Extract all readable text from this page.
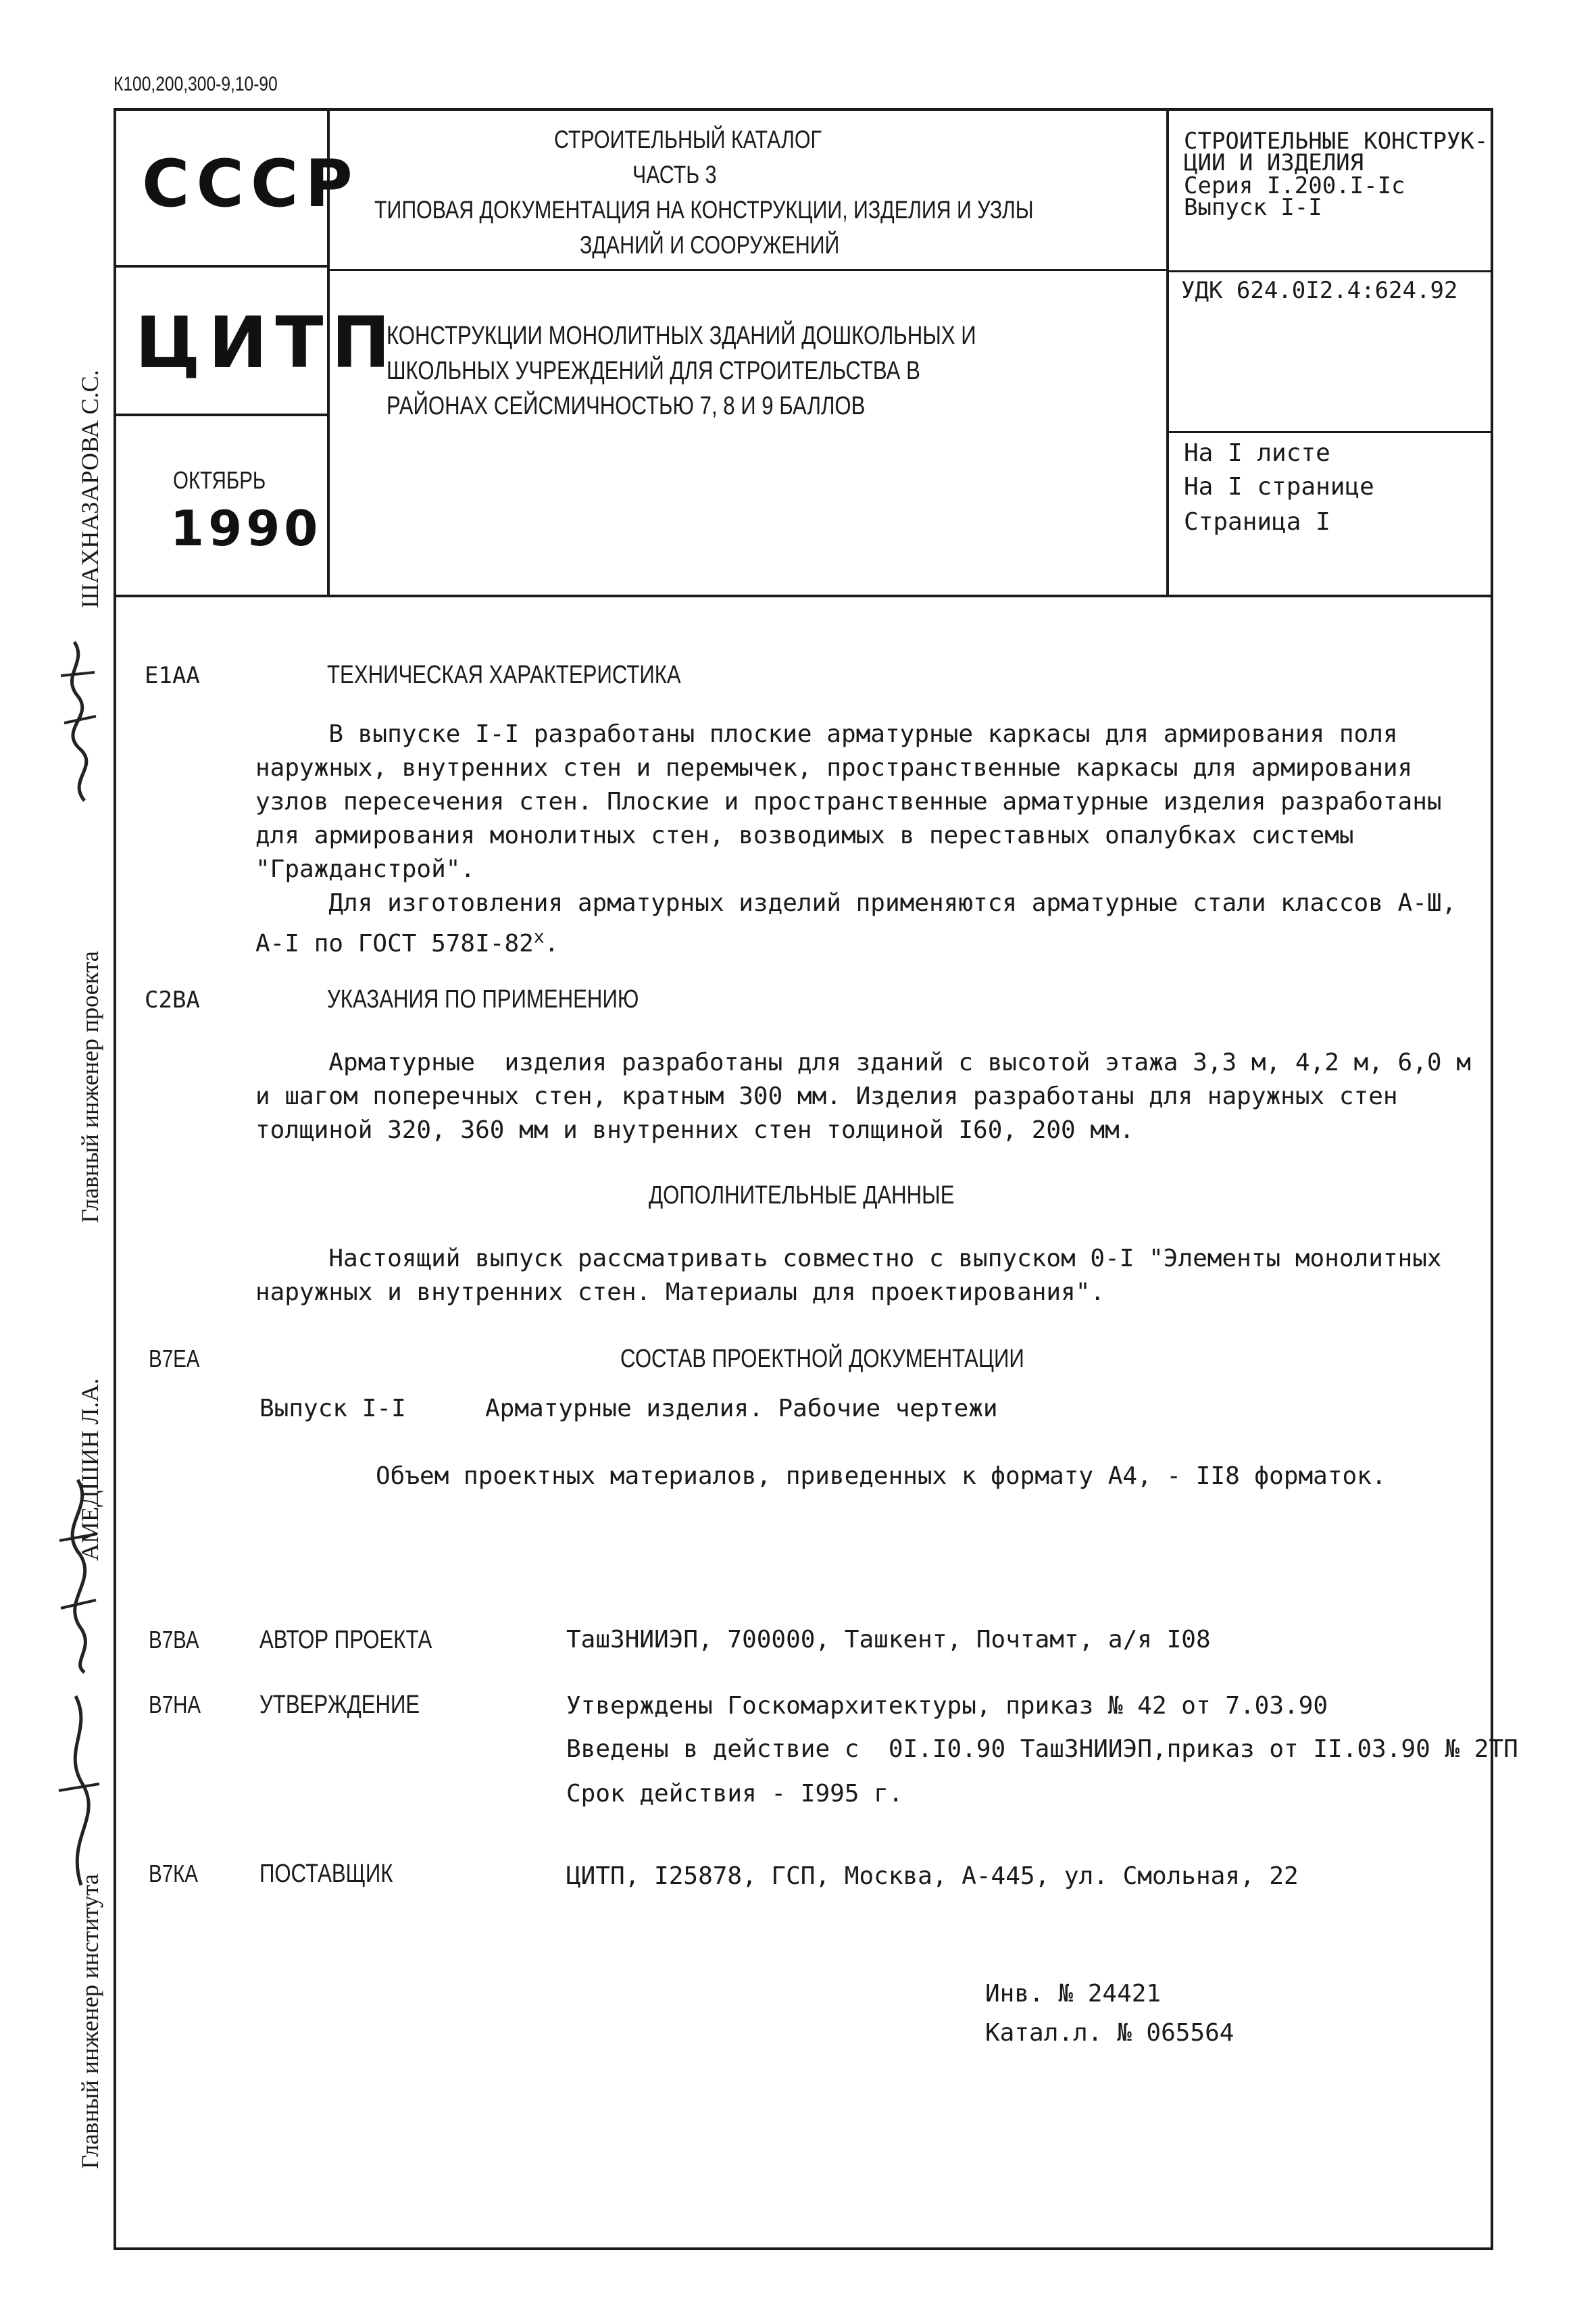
К100,200,300-9,10-90
СССР
ЦИТП
ОКТЯБРЬ
1990
СТРОИТЕЛЬНЫЙ КАТАЛОГ
ЧАСТЬ 3
ТИПОВАЯ ДОКУМЕНТАЦИЯ НА КОНСТРУКЦИИ, ИЗДЕЛИЯ И УЗЛЫ
ЗДАНИЙ И СООРУЖЕНИЙ
СТРОИТЕЛЬНЫЕ КОНСТРУК-
ЦИИ И ИЗДЕЛИЯ
Серия I.200.I-Iс
Выпуск I-I
КОНСТРУКЦИИ МОНОЛИТНЫХ ЗДАНИЙ ДОШКОЛЬНЫХ И
ШКОЛЬНЫХ УЧРЕЖДЕНИЙ ДЛЯ СТРОИТЕЛЬСТВА В
РАЙОНАХ СЕЙСМИЧНОСТЬЮ 7, 8 И 9 БАЛЛОВ
УДК 624.0I2.4:624.92
На I листе
На I странице
Страница I
ШАХНАЗАРОВА С.С.
Главный инженер проекта
АМЕДШИН Л.А.
Главный инженер института
Е1АА	ТЕХНИЧЕСКАЯ ХАРАКТЕРИСТИКА
В выпуске I-I разработаны плоские арматурные каркасы для армирования поля
наружных, внутренних стен и перемычек, пространственные каркасы для армирования
узлов пересечения стен. Плоские и пространственные арматурные изделия разработаны
для армирования монолитных стен, возводимых в переставных опалубках системы
"Гражданстрой".
Для изготовления арматурных изделий применяются арматурные стали классов А-Ш,
А-I по ГОСТ 578I-82$^x$.
С2ВА	УКАЗАНИЯ ПО ПРИМЕНЕНИЮ
Арматурные  изделия разработаны для зданий с высотой этажа 3,3 м, 4,2 м, 6,0 м
и шагом поперечных стен, кратным 300 мм. Изделия разработаны для наружных стен
толщиной 320, 360 мм и внутренних стен толщиной I60, 200 мм.
ДОПОЛНИТЕЛЬНЫЕ ДАННЫЕ
Настоящий выпуск рассматривать совместно с выпуском 0-I "Элементы монолитных
наружных и внутренних стен. Материалы для проектирования".
В7ЕА	СОСТАВ ПРОЕКТНОЙ ДОКУМЕНТАЦИИ
Выпуск I-I	Арматурные изделия. Рабочие чертежи
Объем проектных материалов, приведенных к формату А4, - II8 форматок.
В7ВА АВТОР ПРОЕКТА	ТашЗНИИЭП, 700000, Ташкент, Почтамт, а/я I08
В7НА УТВЕРЖДЕНИЕ	Утверждены Госкомархитектуры, приказ № 42 от 7.03.90
Введены в действие с  0I.I0.90 ТашЗНИИЭП,приказ от II.03.90 № 2ТП
Срок действия - I995 г.
В7КА ПОСТАВЩИК	ЦИТП, I25878, ГСП, Москва, А-445, ул. Смольная, 22
Инв. № 24421
Катал.л. № 065564
